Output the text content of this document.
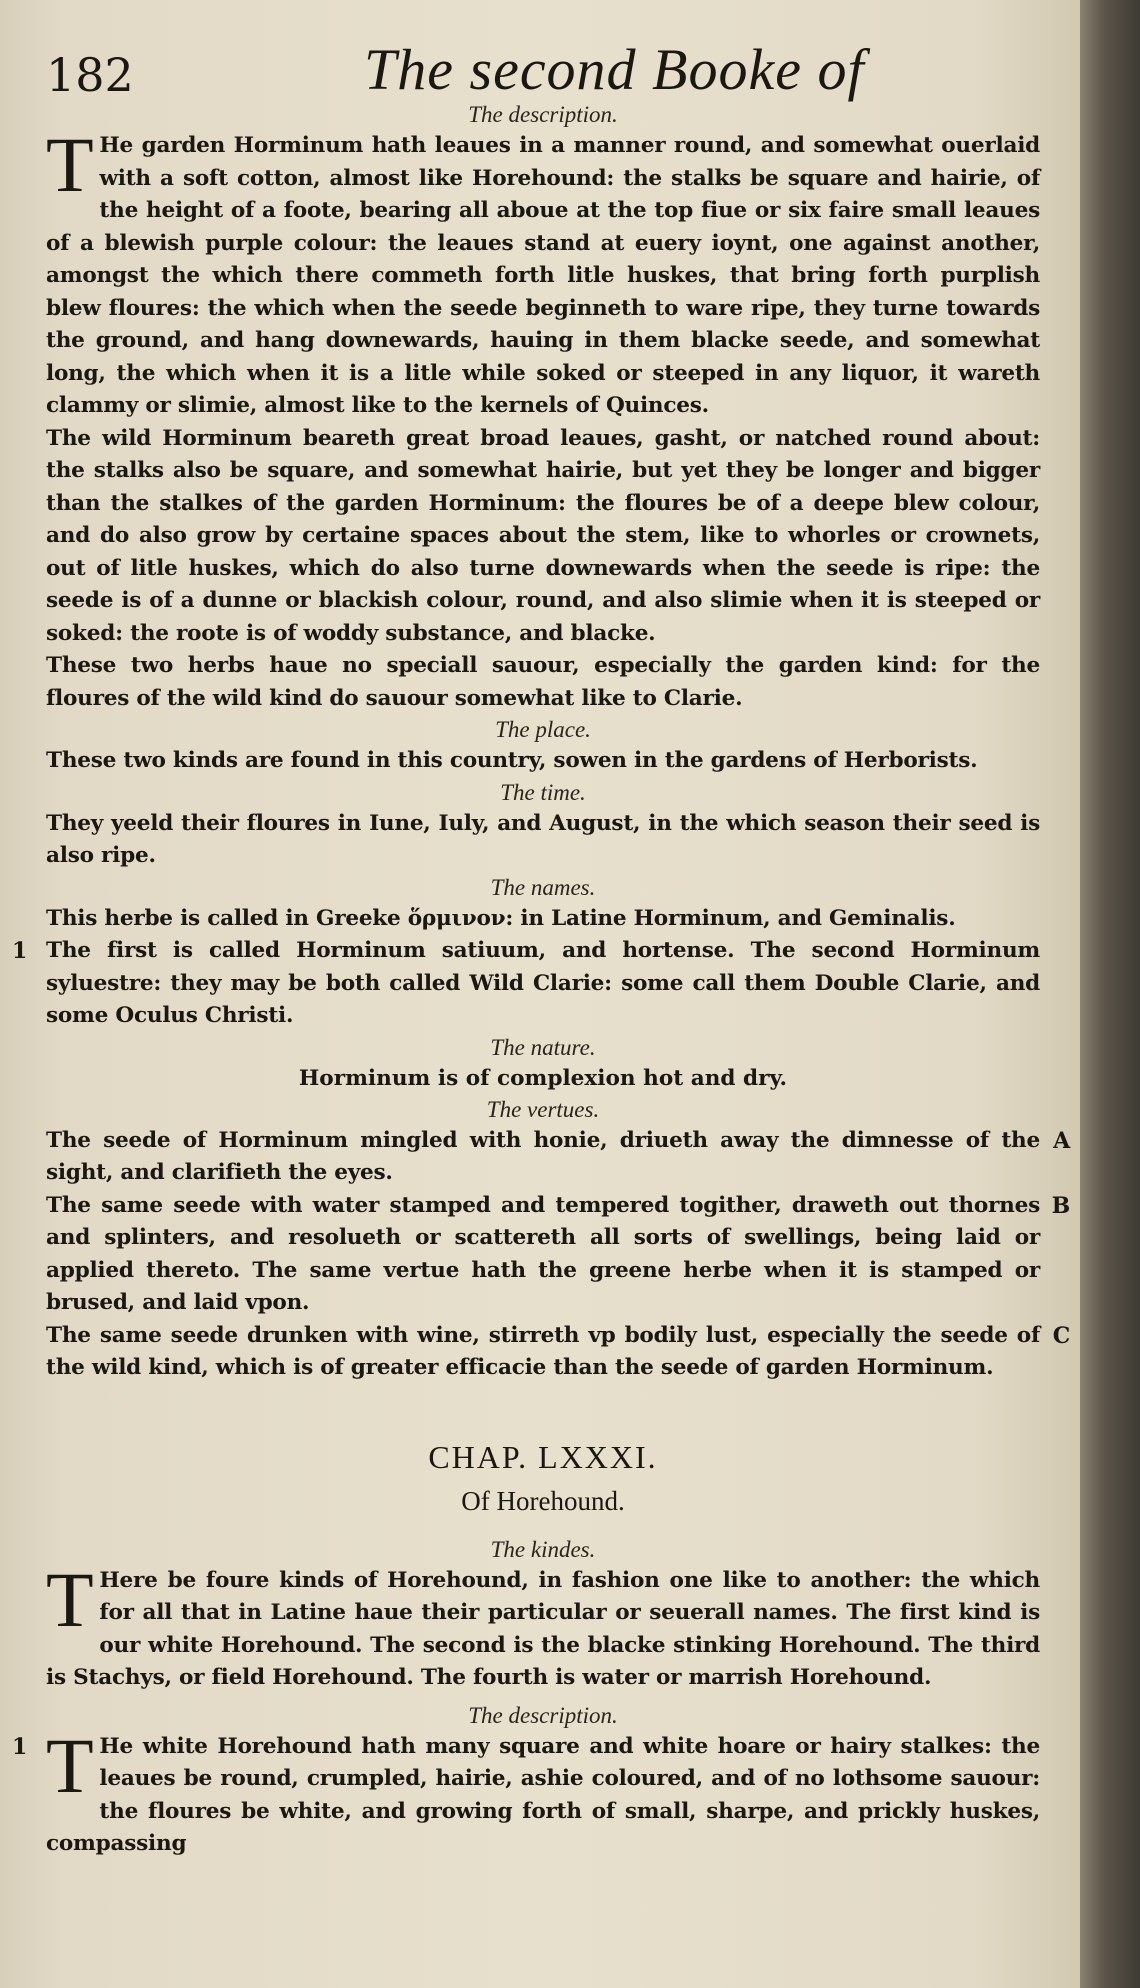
182	The second Booke of
The description.

T He garden Horminum hath leaues in a manner round, and somewhat ouerlaid with a soft cotton, almost like Horehound: the stalks be square and hairie, of the height of a foote, bearing all aboue at the top fiue or six faire small leaues of a blewish purple colour: the leaues stand at euery ioynt, one against another, amongst the which there commeth forth litle huskes, that bring forth purplish blew floures: the which when the seede beginneth to ware ripe, they turne towards the ground, and hang downewards, hauing in them blacke seede, and somewhat long, the which when it is a litle while soked or steeped in any liquor, it wareth clammy or slimie, almost like to the kernels of Quinces.

The wild Horminum beareth great broad leaues, gasht, or natched round about: the stalks also be square, and somewhat hairie, but yet they be longer and bigger than the stalkes of the garden Horminum: the floures be of a deepe blew colour, and do also grow by certaine spaces about the stem, like to whorles or crownets, out of litle huskes, which do also turne downewards when the seede is ripe: the seede is of a dunne or blackish colour, round, and also slimie when it is steeped or soked: the roote is of woddy substance, and blacke.

These two herbs haue no speciall sauour, especially the garden kind: for the floures of the wild kind do sauour somewhat like to Clarie.

The place.

These two kinds are found in this country, sowen in the gardens of Herborists.

The time.

They yeeld their floures in Iune, Iuly, and August, in the which season their seed is also ripe.

The names.

This herbe is called in Greeke ὅρμινον: in Latine Horminum, and Geminalis.

1 The first is called Horminum satiuum, and hortense. The second Horminum syluestre: they may be both called Wild Clarie: some call them Double Clarie, and some Oculus Christi.

The nature.
Horminum is of complexion hot and dry.
The vertues.

The seede of Horminum mingled with honie, driueth away the dimnesse of the sight, and clarifieth the eyes.
A

The same seede with water stamped and tempered togither, draweth out thornes and splinters, and resolueth or scattereth all sorts of swellings, being laid or applied thereto. The same vertue hath the greene herbe when it is stamped or brused, and laid vpon.
B

The same seede drunken with wine, stirreth vp bodily lust, especially the seede of the wild kind, which is of greater efficacie than the seede of garden Horminum.
C

CHAP. LXXXI.
Of Horehound.
The kindes.

T Here be foure kinds of Horehound, in fashion one like to another: the which for all that in Latine haue their particular or seuerall names. The first kind is our white Horehound. The second is the blacke stinking Horehound. The third is Stachys, or field Horehound. The fourth is water or marrish Horehound.

The description.

1 T He white Horehound hath many square and white hoare or hairy stalkes: the leaues be round, crumpled, hairie, ashie coloured, and of no lothsome sauour: the floures be white, and growing forth of small, sharpe, and prickly huskes, compassing
